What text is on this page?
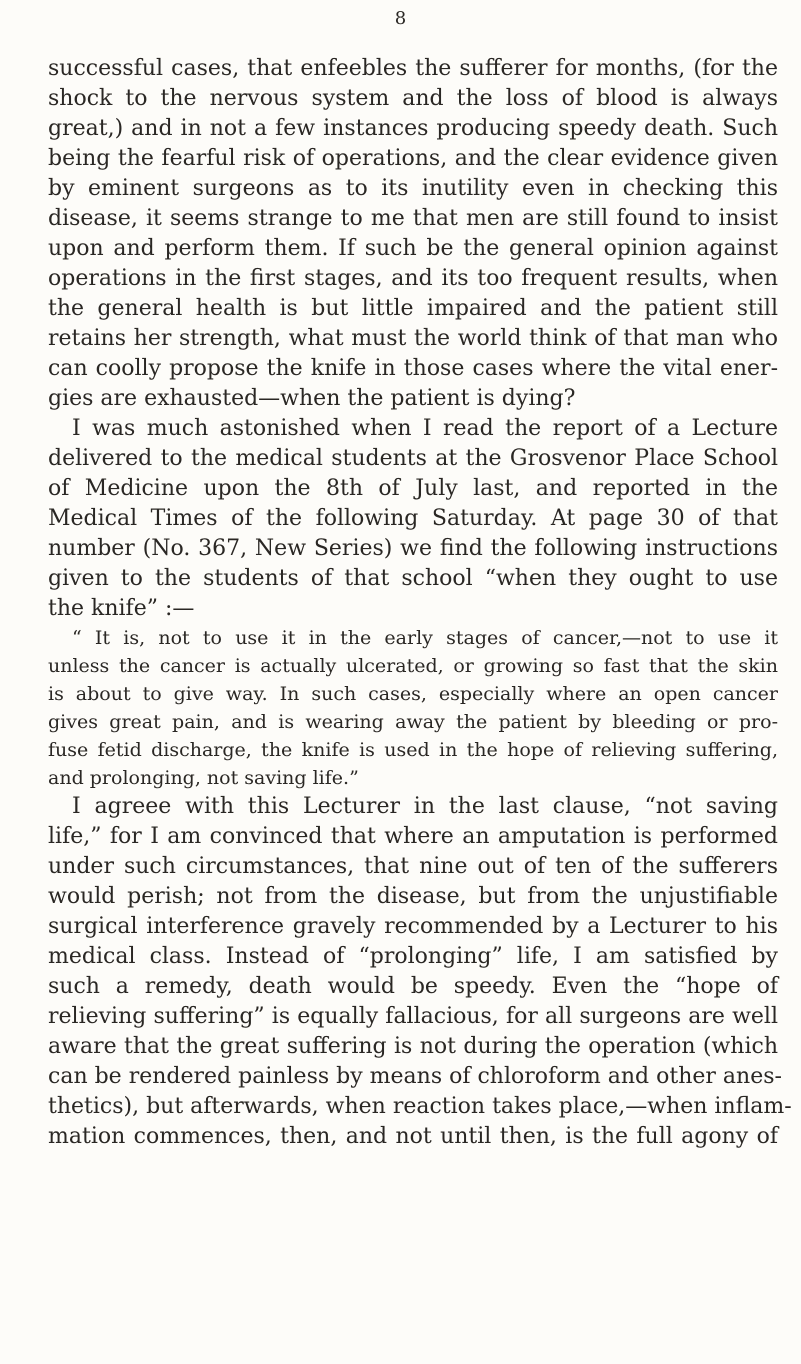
8
successful cases, that enfeebles the sufferer for months, (for the
shock to the nervous system and the loss of blood is always
great,) and in not a few instances producing speedy death. Such
being the fearful risk of operations, and the clear evidence given
by eminent surgeons as to its inutility even in checking this
disease, it seems strange to me that men are still found to insist
upon and perform them. If such be the general opinion against
operations in the first stages, and its too frequent results, when
the general health is but little impaired and the patient still
retains her strength, what must the world think of that man who
can coolly propose the knife in those cases where the vital ener-
gies are exhausted—when the patient is dying?
I was much astonished when I read the report of a Lecture
delivered to the medical students at the Grosvenor Place School
of Medicine upon the 8th of July last, and reported in the
Medical Times of the following Saturday. At page 30 of that
number (No. 367, New Series) we find the following instructions
given to the students of that school “when they ought to use
the knife” :—
“ It is, not to use it in the early stages of cancer,—not to use it
unless the cancer is actually ulcerated, or growing so fast that the skin
is about to give way. In such cases, especially where an open cancer
gives great pain, and is wearing away the patient by bleeding or pro-
fuse fetid discharge, the knife is used in the hope of relieving suffering,
and prolonging, not saving life.”
I agreee with this Lecturer in the last clause, “not saving
life,” for I am convinced that where an amputation is performed
under such circumstances, that nine out of ten of the sufferers
would perish; not from the disease, but from the unjustifiable
surgical interference gravely recommended by a Lecturer to his
medical class. Instead of “prolonging” life, I am satisfied by
such a remedy, death would be speedy. Even the “hope of
relieving suffering” is equally fallacious, for all surgeons are well
aware that the great suffering is not during the operation (which
can be rendered painless by means of chloroform and other anes-
thetics), but afterwards, when reaction takes place,—when inflam-
mation commences, then, and not until then, is the full agony of
